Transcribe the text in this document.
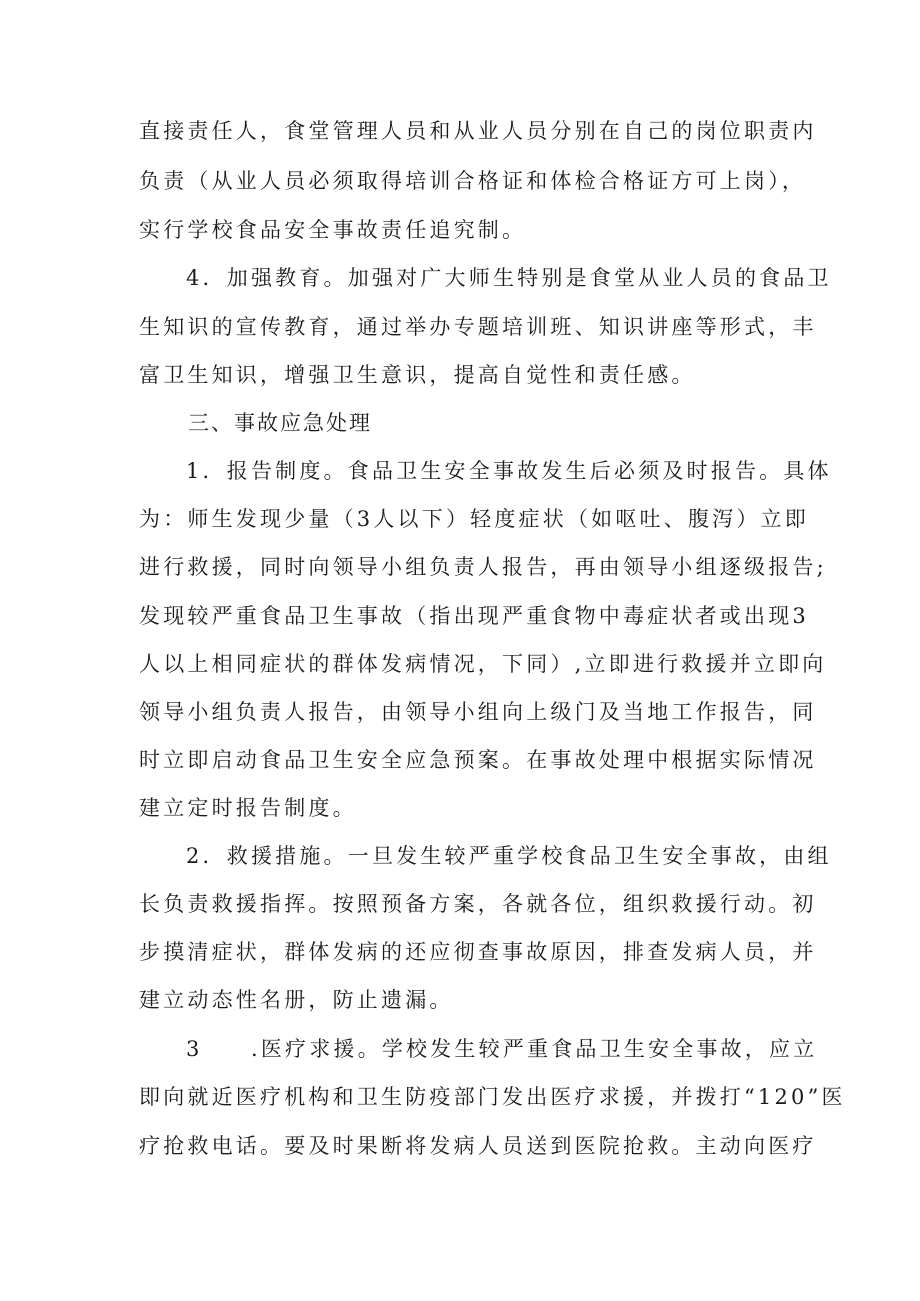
直接责任人，食堂管理人员和从业人员分别在自己的岗位职责内
负责（从业人员必须取得培训合格证和体检合格证方可上岗），
实行学校食品安全事故责任追究制。
4．加强教育。加强对广大师生特别是食堂从业人员的食品卫
生知识的宣传教育，通过举办专题培训班、知识讲座等形式，丰
富卫生知识，增强卫生意识，提高自觉性和责任感。
三、事故应急处理
1．报告制度。食品卫生安全事故发生后必须及时报告。具体
为：师生发现少量（3人以下）轻度症状（如呕吐、腹泻）立即
进行救援，同时向领导小组负责人报告，再由领导小组逐级报告;
发现较严重食品卫生事故（指出现严重食物中毒症状者或出现3
人以上相同症状的群体发病情况，下同）,立即进行救援并立即向
领导小组负责人报告，由领导小组向上级门及当地工作报告，同
时立即启动食品卫生安全应急预案。在事故处理中根据实际情况
建立定时报告制度。
2．救援措施。一旦发生较严重学校食品卫生安全事故，由组
长负责救援指挥。按照预备方案，各就各位，组织救援行动。初
步摸清症状，群体发病的还应彻查事故原因，排查发病人员，并
建立动态性名册，防止遗漏。
3　　.医疗求援。学校发生较严重食品卫生安全事故，应立
即向就近医疗机构和卫生防疫部门发出医疗求援，并拨打“120”医
疗抢救电话。要及时果断将发病人员送到医院抢救。主动向医疗
